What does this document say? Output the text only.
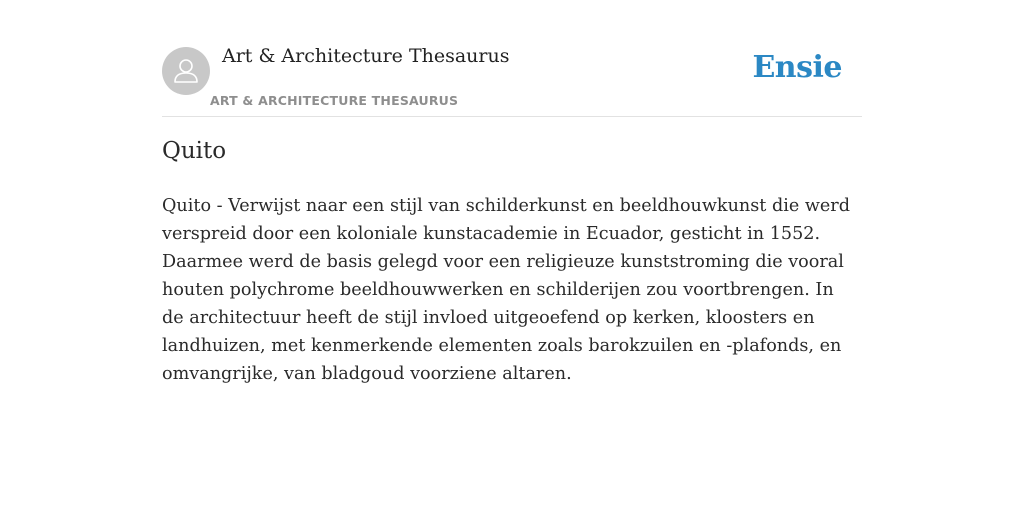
Art & Architecture Thesaurus
ART & ARCHITECTURE THESAURUS
Ensie
Quito

Quito - Verwijst naar een stijl van schilderkunst en beeldhouwkunst die werd verspreid door een koloniale kunstacademie in Ecuador, gesticht in 1552. Daarmee werd de basis gelegd voor een religieuze kunststroming die vooral houten polychrome beeldhouwwerken en schilderijen zou voortbrengen. In de architectuur heeft de stijl invloed uitgeoefend op kerken, kloosters en landhuizen, met kenmerkende elementen zoals barokzuilen en -plafonds, en omvangrijke, van bladgoud voorziene altaren.
